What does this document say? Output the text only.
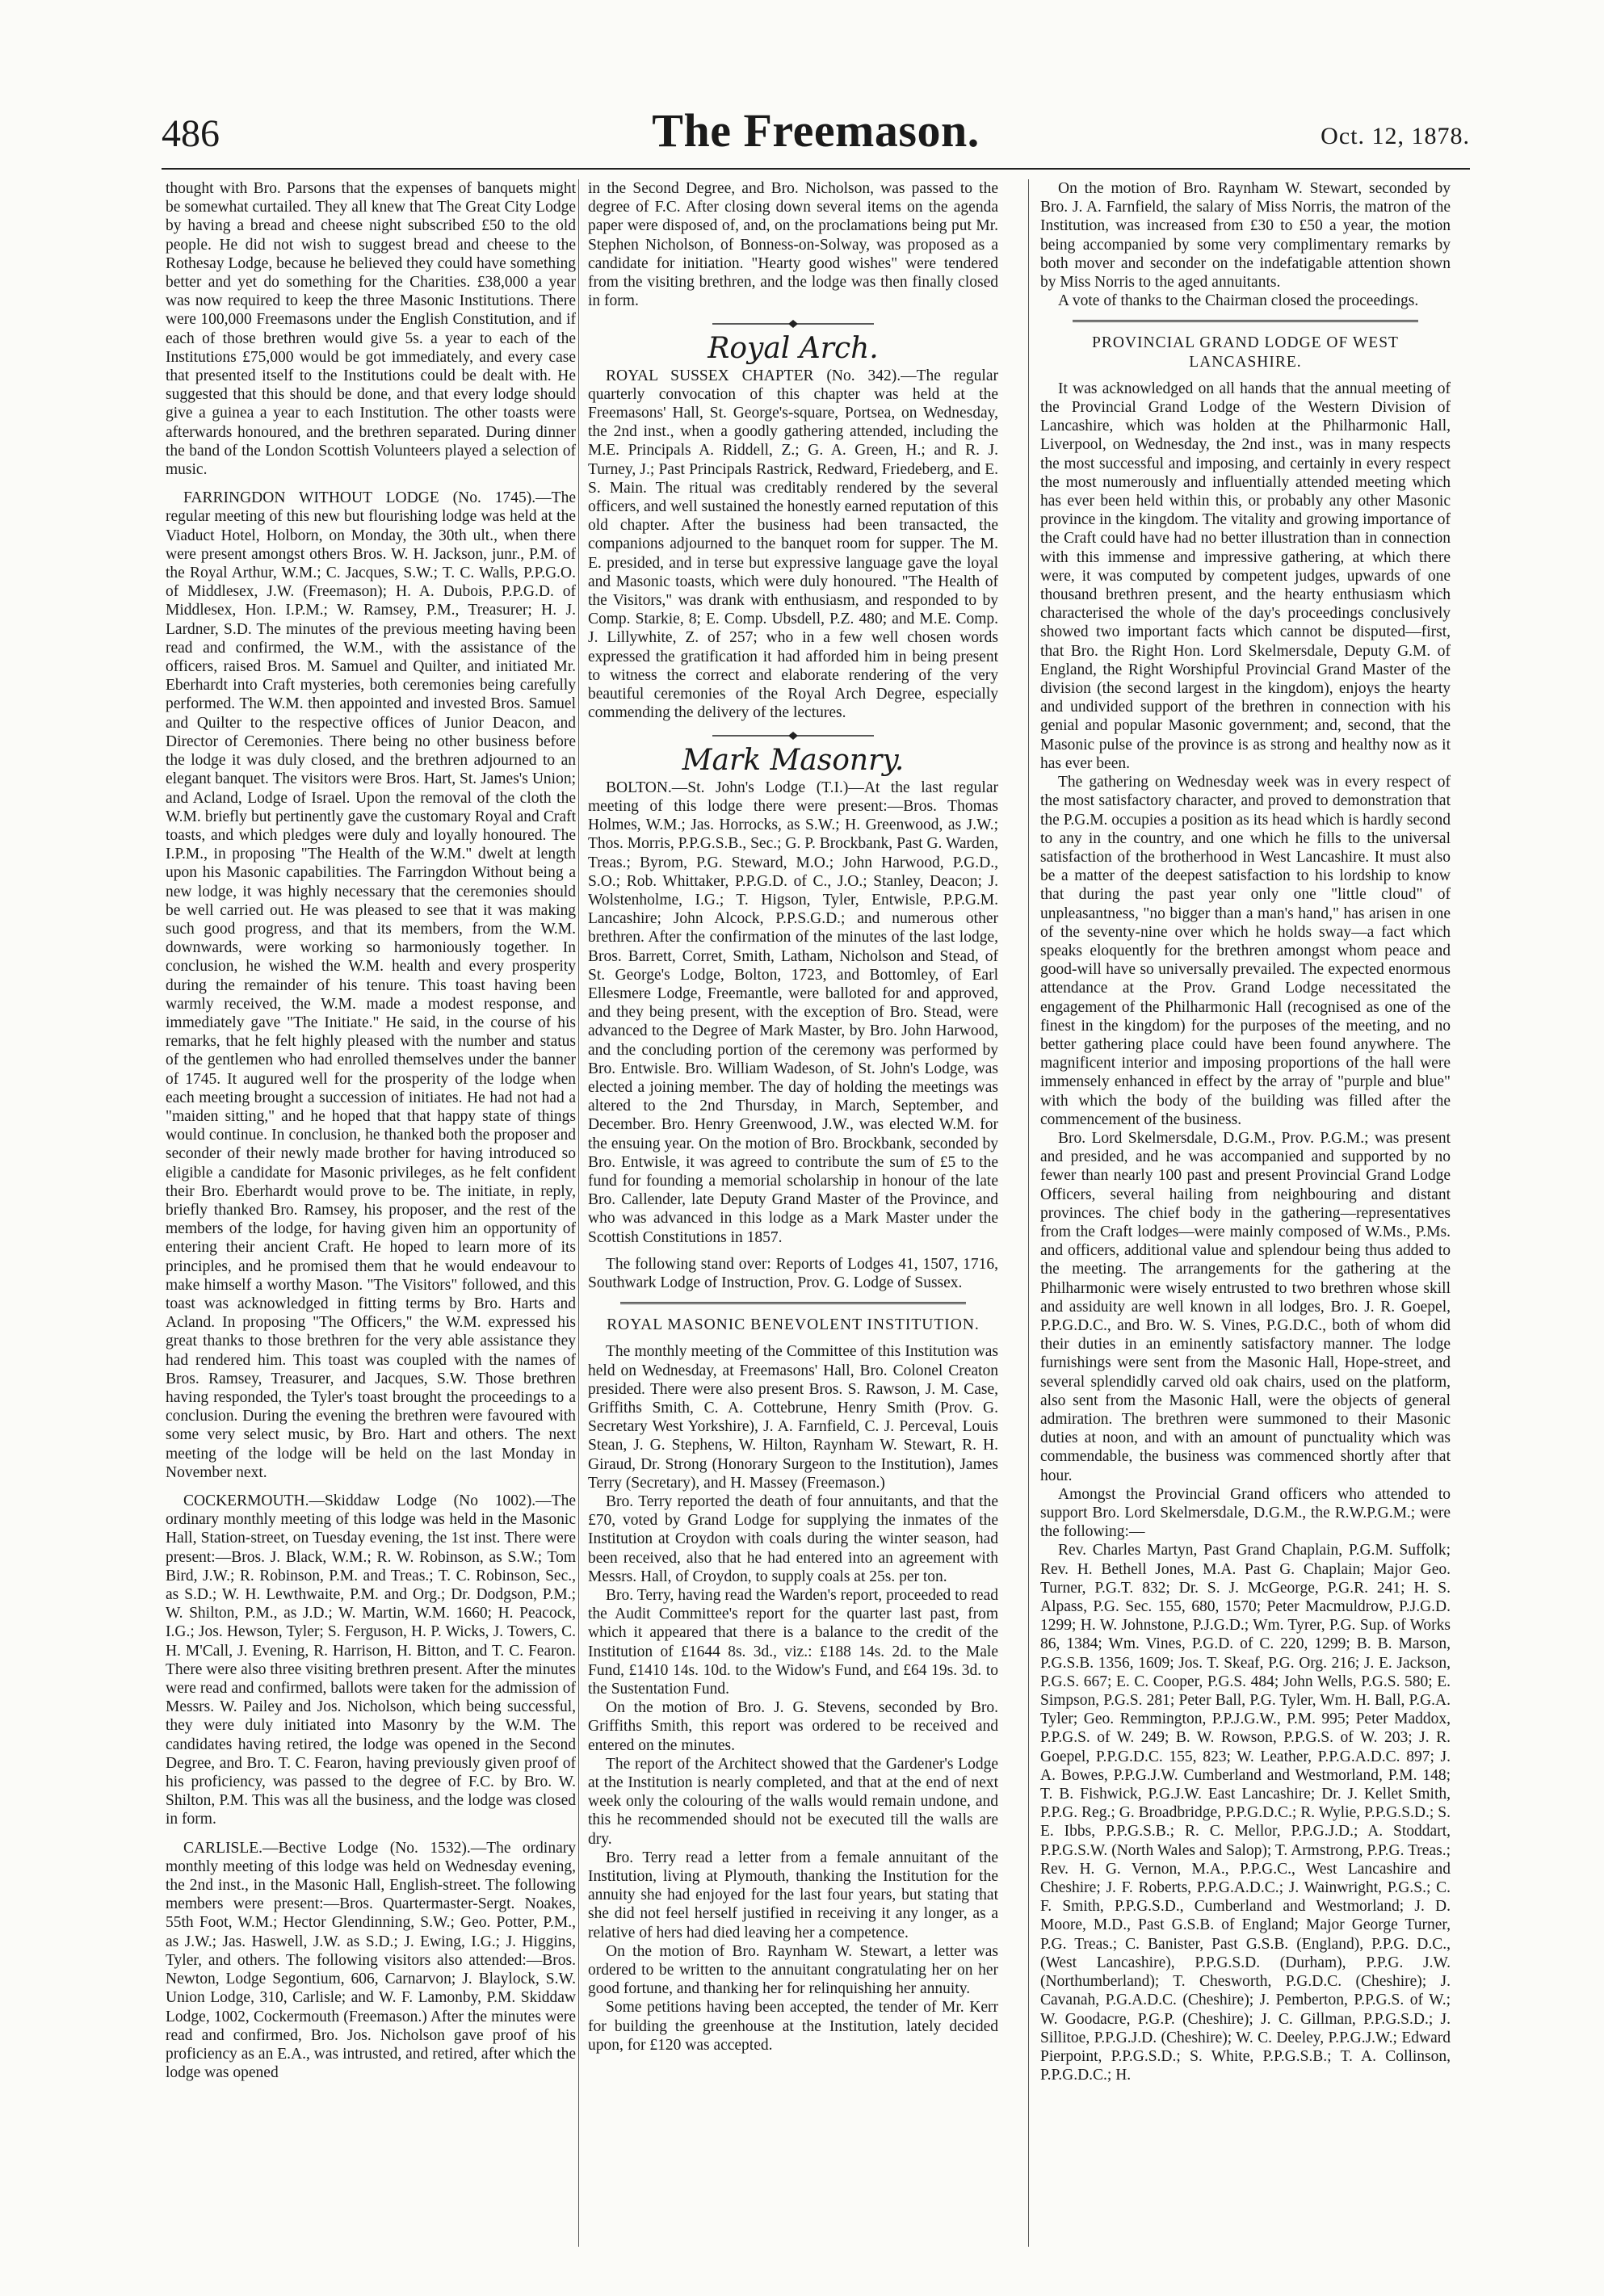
486	The Freemason.	Oct. 12, 1878.

thought with Bro. Parsons that the expenses of banquets might be somewhat curtailed. They all knew that The Great City Lodge by having a bread and cheese night subscribed £50 to the old people. He did not wish to suggest bread and cheese to the Rothesay Lodge, because he believed they could have something better and yet do something for the Charities. £38,000 a year was now required to keep the three Masonic Institutions. There were 100,000 Freemasons under the English Constitution, and if each of those brethren would give 5s. a year to each of the Institutions £75,000 would be got immediately, and every case that presented itself to the Institutions could be dealt with. He suggested that this should be done, and that every lodge should give a guinea a year to each Institution. The other toasts were afterwards honoured, and the brethren separated. During dinner the band of the London Scottish Volunteers played a selection of music.

FARRINGDON WITHOUT LODGE (No. 1745).—The regular meeting of this new but flourishing lodge was held at the Viaduct Hotel, Holborn, on Monday, the 30th ult., when there were present amongst others Bros. W. H. Jackson, junr., P.M. of the Royal Arthur, W.M.; C. Jacques, S.W.; T. C. Walls, P.P.G.O. of Middlesex, J.W. (Freemason); H. A. Dubois, P.P.G.D. of Middlesex, Hon. I.P.M.; W. Ramsey, P.M., Treasurer; H. J. Lardner, S.D. The minutes of the previous meeting having been read and confirmed, the W.M., with the assistance of the officers, raised Bros. M. Samuel and Quilter, and initiated Mr. Eberhardt into Craft mysteries, both ceremonies being carefully performed. The W.M. then appointed and invested Bros. Samuel and Quilter to the respective offices of Junior Deacon, and Director of Ceremonies. There being no other business before the lodge it was duly closed, and the brethren adjourned to an elegant banquet. The visitors were Bros. Hart, St. James's Union; and Acland, Lodge of Israel. Upon the removal of the cloth the W.M. briefly but pertinently gave the customary Royal and Craft toasts, and which pledges were duly and loyally honoured. The I.P.M., in proposing "The Health of the W.M." dwelt at length upon his Masonic capabilities. The Farringdon Without being a new lodge, it was highly necessary that the ceremonies should be well carried out. He was pleased to see that it was making such good progress, and that its members, from the W.M. downwards, were working so harmoniously together. In conclusion, he wished the W.M. health and every prosperity during the remainder of his tenure. This toast having been warmly received, the W.M. made a modest response, and immediately gave "The Initiate." He said, in the course of his remarks, that he felt highly pleased with the number and status of the gentlemen who had enrolled themselves under the banner of 1745. It augured well for the prosperity of the lodge when each meeting brought a succession of initiates. He had not had a "maiden sitting," and he hoped that that happy state of things would continue. In conclusion, he thanked both the proposer and seconder of their newly made brother for having introduced so eligible a candidate for Masonic privileges, as he felt confident their Bro. Eberhardt would prove to be. The initiate, in reply, briefly thanked Bro. Ramsey, his proposer, and the rest of the members of the lodge, for having given him an opportunity of entering their ancient Craft. He hoped to learn more of its principles, and he promised them that he would endeavour to make himself a worthy Mason. "The Visitors" followed, and this toast was acknowledged in fitting terms by Bro. Harts and Acland. In proposing "The Officers," the W.M. expressed his great thanks to those brethren for the very able assistance they had rendered him. This toast was coupled with the names of Bros. Ramsey, Treasurer, and Jacques, S.W. Those brethren having responded, the Tyler's toast brought the proceedings to a conclusion. During the evening the brethren were favoured with some very select music, by Bro. Hart and others. The next meeting of the lodge will be held on the last Monday in November next.

COCKERMOUTH.—Skiddaw Lodge (No 1002).—The ordinary monthly meeting of this lodge was held in the Masonic Hall, Station-street, on Tuesday evening, the 1st inst. There were present:—Bros. J. Black, W.M.; R. W. Robinson, as S.W.; Tom Bird, J.W.; R. Robinson, P.M. and Treas.; T. C. Robinson, Sec., as S.D.; W. H. Lewthwaite, P.M. and Org.; Dr. Dodgson, P.M.; W. Shilton, P.M., as J.D.; W. Martin, W.M. 1660; H. Peacock, I.G.; Jos. Hewson, Tyler; S. Ferguson, H. P. Wicks, J. Towers, C. H. M'Call, J. Evening, R. Harrison, H. Bitton, and T. C. Fearon. There were also three visiting brethren present. After the minutes were read and confirmed, ballots were taken for the admission of Messrs. W. Pailey and Jos. Nicholson, which being successful, they were duly initiated into Masonry by the W.M. The candidates having retired, the lodge was opened in the Second Degree, and Bro. T. C. Fearon, having previously given proof of his proficiency, was passed to the degree of F.C. by Bro. W. Shilton, P.M. This was all the business, and the lodge was closed in form.

CARLISLE.—Bective Lodge (No. 1532).—The ordinary monthly meeting of this lodge was held on Wednesday evening, the 2nd inst., in the Masonic Hall, English-street. The following members were present:—Bros. Quartermaster-Sergt. Noakes, 55th Foot, W.M.; Hector Glendinning, S.W.; Geo. Potter, P.M., as J.W.; Jas. Haswell, J.W. as S.D.; J. Ewing, I.G.; J. Higgins, Tyler, and others. The following visitors also attended:—Bros. Newton, Lodge Segontium, 606, Carnarvon; J. Blaylock, S.W. Union Lodge, 310, Carlisle; and W. F. Lamonby, P.M. Skiddaw Lodge, 1002, Cockermouth (Freemason.) After the minutes were read and confirmed, Bro. Jos. Nicholson gave proof of his proficiency as an E.A., was intrusted, and retired, after which the lodge was opened

in the Second Degree, and Bro. Nicholson, was passed to the degree of F.C. After closing down several items on the agenda paper were disposed of, and, on the proclamations being put Mr. Stephen Nicholson, of Bonness-on-Solway, was proposed as a candidate for initiation. "Hearty good wishes" were tendered from the visiting brethren, and the lodge was then finally closed in form.

Royal Arch.

ROYAL SUSSEX CHAPTER (No. 342).—The regular quarterly convocation of this chapter was held at the Freemasons' Hall, St. George's-square, Portsea, on Wednesday, the 2nd inst., when a goodly gathering attended, including the M.E. Principals A. Riddell, Z.; G. A. Green, H.; and R. J. Turney, J.; Past Principals Rastrick, Redward, Friedeberg, and E. S. Main. The ritual was creditably rendered by the several officers, and well sustained the honestly earned reputation of this old chapter. After the business had been transacted, the companions adjourned to the banquet room for supper. The M. E. presided, and in terse but expressive language gave the loyal and Masonic toasts, which were duly honoured. "The Health of the Visitors," was drank with enthusiasm, and responded to by Comp. Starkie, 8; E. Comp. Ubsdell, P.Z. 480; and M.E. Comp. J. Lillywhite, Z. of 257; who in a few well chosen words expressed the gratification it had afforded him in being present to witness the correct and elaborate rendering of the very beautiful ceremonies of the Royal Arch Degree, especially commending the delivery of the lectures.

Mark Masonry.

BOLTON.—St. John's Lodge (T.I.)—At the last regular meeting of this lodge there were present:—Bros. Thomas Holmes, W.M.; Jas. Horrocks, as S.W.; H. Greenwood, as J.W.; Thos. Morris, P.P.G.S.B., Sec.; G. P. Brockbank, Past G. Warden, Treas.; Byrom, P.G. Steward, M.O.; John Harwood, P.G.D., S.O.; Rob. Whittaker, P.P.G.D. of C., J.O.; Stanley, Deacon; J. Wolstenholme, I.G.; T. Higson, Tyler, Entwisle, P.P.G.M. Lancashire; John Alcock, P.P.S.G.D.; and numerous other brethren. After the confirmation of the minutes of the last lodge, Bros. Barrett, Corret, Smith, Latham, Nicholson and Stead, of St. George's Lodge, Bolton, 1723, and Bottomley, of Earl Ellesmere Lodge, Freemantle, were balloted for and approved, and they being present, with the exception of Bro. Stead, were advanced to the Degree of Mark Master, by Bro. John Harwood, and the concluding portion of the ceremony was performed by Bro. Entwisle. Bro. William Wadeson, of St. John's Lodge, was elected a joining member. The day of holding the meetings was altered to the 2nd Thursday, in March, September, and December. Bro. Henry Greenwood, J.W., was elected W.M. for the ensuing year. On the motion of Bro. Brockbank, seconded by Bro. Entwisle, it was agreed to contribute the sum of £5 to the fund for founding a memorial scholarship in honour of the late Bro. Callender, late Deputy Grand Master of the Province, and who was advanced in this lodge as a Mark Master under the Scottish Constitutions in 1857.

The following stand over: Reports of Lodges 41, 1507, 1716, Southwark Lodge of Instruction, Prov. G. Lodge of Sussex.

ROYAL MASONIC BENEVOLENT INSTITUTION.

The monthly meeting of the Committee of this Institution was held on Wednesday, at Freemasons' Hall, Bro. Colonel Creaton presided. There were also present Bros. S. Rawson, J. M. Case, Griffiths Smith, C. A. Cottebrune, Henry Smith (Prov. G. Secretary West Yorkshire), J. A. Farnfield, C. J. Perceval, Louis Stean, J. G. Stephens, W. Hilton, Raynham W. Stewart, R. H. Giraud, Dr. Strong (Honorary Surgeon to the Institution), James Terry (Secretary), and H. Massey (Freemason.)

Bro. Terry reported the death of four annuitants, and that the £70, voted by Grand Lodge for supplying the inmates of the Institution at Croydon with coals during the winter season, had been received, also that he had entered into an agreement with Messrs. Hall, of Croydon, to supply coals at 25s. per ton.

Bro. Terry, having read the Warden's report, proceeded to read the Audit Committee's report for the quarter last past, from which it appeared that there is a balance to the credit of the Institution of £1644 8s. 3d., viz.: £188 14s. 2d. to the Male Fund, £1410 14s. 10d. to the Widow's Fund, and £64 19s. 3d. to the Sustentation Fund.

On the motion of Bro. J. G. Stevens, seconded by Bro. Griffiths Smith, this report was ordered to be received and entered on the minutes.

The report of the Architect showed that the Gardener's Lodge at the Institution is nearly completed, and that at the end of next week only the colouring of the walls would remain undone, and this he recommended should not be executed till the walls are dry.

Bro. Terry read a letter from a female annuitant of the Institution, living at Plymouth, thanking the Institution for the annuity she had enjoyed for the last four years, but stating that she did not feel herself justified in receiving it any longer, as a relative of hers had died leaving her a competence.

On the motion of Bro. Raynham W. Stewart, a letter was ordered to be written to the annuitant congratulating her on her good fortune, and thanking her for relinquishing her annuity.

Some petitions having been accepted, the tender of Mr. Kerr for building the greenhouse at the Institution, lately decided upon, for £120 was accepted.

On the motion of Bro. Raynham W. Stewart, seconded by Bro. J. A. Farnfield, the salary of Miss Norris, the matron of the Institution, was increased from £30 to £50 a year, the motion being accompanied by some very complimentary remarks by both mover and seconder on the indefatigable attention shown by Miss Norris to the aged annuitants.

A vote of thanks to the Chairman closed the proceedings.

PROVINCIAL GRAND LODGE OF WEST LANCASHIRE.

It was acknowledged on all hands that the annual meeting of the Provincial Grand Lodge of the Western Division of Lancashire, which was holden at the Philharmonic Hall, Liverpool, on Wednesday, the 2nd inst., was in many respects the most successful and imposing, and certainly in every respect the most numerously and influentially attended meeting which has ever been held within this, or probably any other Masonic province in the kingdom. The vitality and growing importance of the Craft could have had no better illustration than in connection with this immense and impressive gathering, at which there were, it was computed by competent judges, upwards of one thousand brethren present, and the hearty enthusiasm which characterised the whole of the day's proceedings conclusively showed two important facts which cannot be disputed—first, that Bro. the Right Hon. Lord Skelmersdale, Deputy G.M. of England, the Right Worshipful Provincial Grand Master of the division (the second largest in the kingdom), enjoys the hearty and undivided support of the brethren in connection with his genial and popular Masonic government; and, second, that the Masonic pulse of the province is as strong and healthy now as it has ever been.

The gathering on Wednesday week was in every respect of the most satisfactory character, and proved to demonstration that the P.G.M. occupies a position as its head which is hardly second to any in the country, and one which he fills to the universal satisfaction of the brotherhood in West Lancashire. It must also be a matter of the deepest satisfaction to his lordship to know that during the past year only one "little cloud" of unpleasantness, "no bigger than a man's hand," has arisen in one of the seventy-nine over which he holds sway—a fact which speaks eloquently for the brethren amongst whom peace and good-will have so universally prevailed. The expected enormous attendance at the Prov. Grand Lodge necessitated the engagement of the Philharmonic Hall (recognised as one of the finest in the kingdom) for the purposes of the meeting, and no better gathering place could have been found anywhere. The magnificent interior and imposing proportions of the hall were immensely enhanced in effect by the array of "purple and blue" with which the body of the building was filled after the commencement of the business.

Bro. Lord Skelmersdale, D.G.M., Prov. P.G.M.; was present and presided, and he was accompanied and supported by no fewer than nearly 100 past and present Provincial Grand Lodge Officers, several hailing from neighbouring and distant provinces. The chief body in the gathering—representatives from the Craft lodges—were mainly composed of W.Ms., P.Ms. and officers, additional value and splendour being thus added to the meeting. The arrangements for the gathering at the Philharmonic were wisely entrusted to two brethren whose skill and assiduity are well known in all lodges, Bro. J. R. Goepel, P.P.G.D.C., and Bro. W. S. Vines, P.G.D.C., both of whom did their duties in an eminently satisfactory manner. The lodge furnishings were sent from the Masonic Hall, Hope-street, and several splendidly carved old oak chairs, used on the platform, also sent from the Masonic Hall, were the objects of general admiration. The brethren were summoned to their Masonic duties at noon, and with an amount of punctuality which was commendable, the business was commenced shortly after that hour.

Amongst the Provincial Grand officers who attended to support Bro. Lord Skelmersdale, D.G.M., the R.W.P.G.M.; were the following:—

Rev. Charles Martyn, Past Grand Chaplain, P.G.M. Suffolk; Rev. H. Bethell Jones, M.A. Past G. Chaplain; Major Geo. Turner, P.G.T. 832; Dr. S. J. McGeorge, P.G.R. 241; H. S. Alpass, P.G. Sec. 155, 680, 1570; Peter Macmuldrow, P.J.G.D. 1299; H. W. Johnstone, P.J.G.D.; Wm. Tyrer, P.G. Sup. of Works 86, 1384; Wm. Vines, P.G.D. of C. 220, 1299; B. B. Marson, P.G.S.B. 1356, 1609; Jos. T. Skeaf, P.G. Org. 216; J. E. Jackson, P.G.S. 667; E. C. Cooper, P.G.S. 484; John Wells, P.G.S. 580; E. Simpson, P.G.S. 281; Peter Ball, P.G. Tyler, Wm. H. Ball, P.G.A. Tyler; Geo. Remmington, P.P.J.G.W., P.M. 995; Peter Maddox, P.P.G.S. of W. 249; B. W. Rowson, P.P.G.S. of W. 203; J. R. Goepel, P.P.G.D.C. 155, 823; W. Leather, P.P.G.A.D.C. 897; J. A. Bowes, P.P.G.J.W. Cumberland and Westmorland, P.M. 148; T. B. Fishwick, P.G.J.W. East Lancashire; Dr. J. Kellet Smith, P.P.G. Reg.; G. Broadbridge, P.P.G.D.C.; R. Wylie, P.P.G.S.D.; S. E. Ibbs, P.P.G.S.B.; R. C. Mellor, P.P.G.J.D.; A. Stoddart, P.P.G.S.W. (North Wales and Salop); T. Armstrong, P.P.G. Treas.; Rev. H. G. Vernon, M.A., P.P.G.C., West Lancashire and Cheshire; J. F. Roberts, P.P.G.A.D.C.; J. Wainwright, P.G.S.; C. F. Smith, P.P.G.S.D., Cumberland and Westmorland; J. D. Moore, M.D., Past G.S.B. of England; Major George Turner, P.G. Treas.; C. Banister, Past G.S.B. (England), P.P.G. D.C., (West Lancashire), P.P.G.S.D. (Durham), P.P.G. J.W. (Northumberland); T. Chesworth, P.G.D.C. (Cheshire); J. Cavanah, P.G.A.D.C. (Cheshire); J. Pemberton, P.P.G.S. of W.; W. Goodacre, P.G.P. (Cheshire); J. C. Gillman, P.P.G.S.D.; J. Sillitoe, P.P.G.J.D. (Cheshire); W. C. Deeley, P.P.G.J.W.; Edward Pierpoint, P.P.G.S.D.; S. White, P.P.G.S.B.; T. A. Collinson, P.P.G.D.C.; H.
